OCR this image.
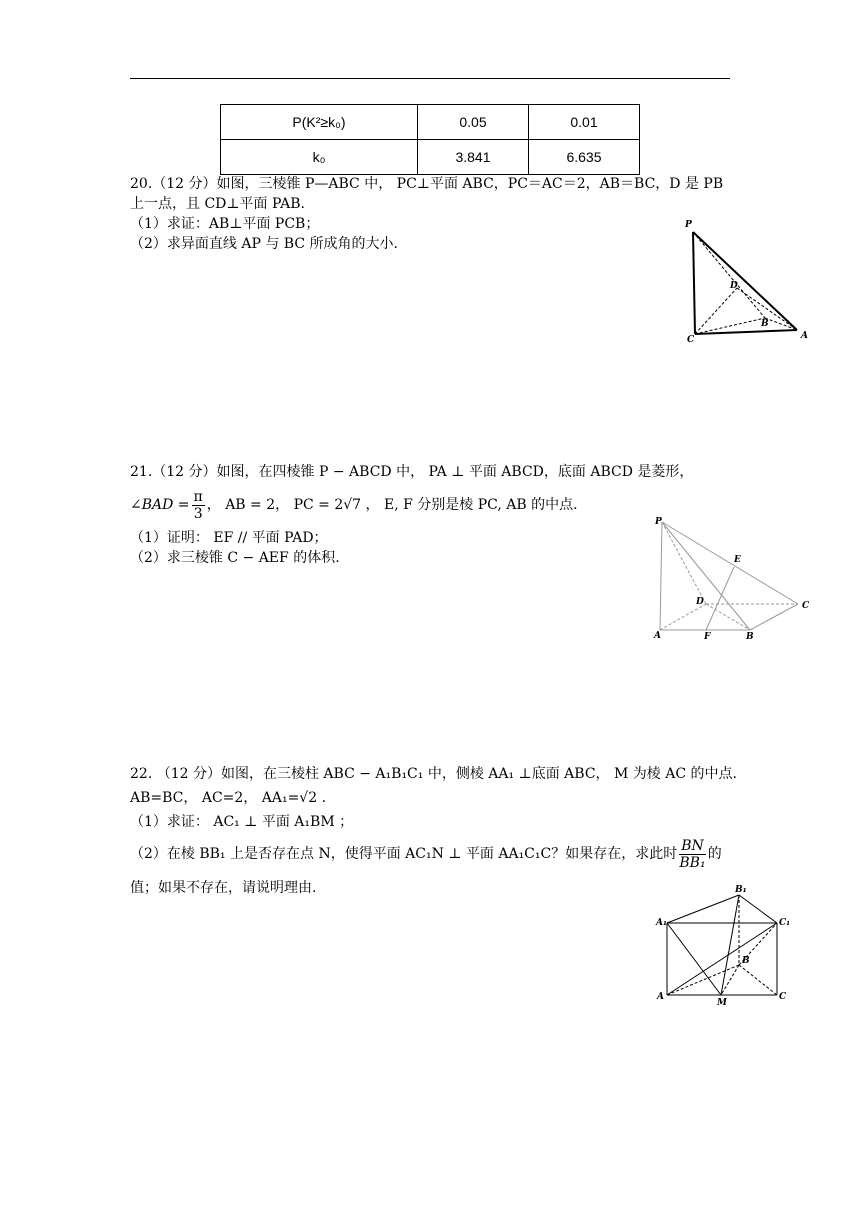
P(K²≥k₀)	0.05	0.01
k₀	3.841	6.635
20.（12 分）如图，三棱锥 P—ABC 中， PC⊥平面 ABC，PC＝AC＝2，AB＝BC，D 是 PB
上一点，且 CD⊥平面 PAB.
（1）求证：AB⊥平面 PCB；
（2）求异面直线 AP 与 BC 所成角的大小.
P
D
B
C	A
21.（12 分）如图，在四棱锥 P − ABCD 中， PA ⊥ 平面 ABCD，底面 ABCD 是菱形，
∠BAD = $\frac{\pi}{3}$ ， AB = 2， PC = 2√7 ， E, F 分别是棱 PC, AB 的中点.
（1）证明： EF // 平面 PAD；
（2）求三棱锥 C − AEF 的体积.
P
E
D	C
A	F	B
22. （12 分）如图，在三棱柱 ABC − A₁B₁C₁ 中，侧棱 AA₁ ⊥底面 ABC， M 为棱 AC 的中点.
AB=BC， AC=2， AA₁=√2 .
（1）求证： AC₁ ⊥ 平面 A₁BM ；
（2）在棱 BB₁ 上是否存在点 N，使得平面 AC₁N ⊥ 平面 AA₁C₁C？如果存在，求此时 $\frac{BN}{\text{BB₁}}$ 的
值；如果不存在，请说明理由.	B₁
A₁	C₁
B
A
M
C
